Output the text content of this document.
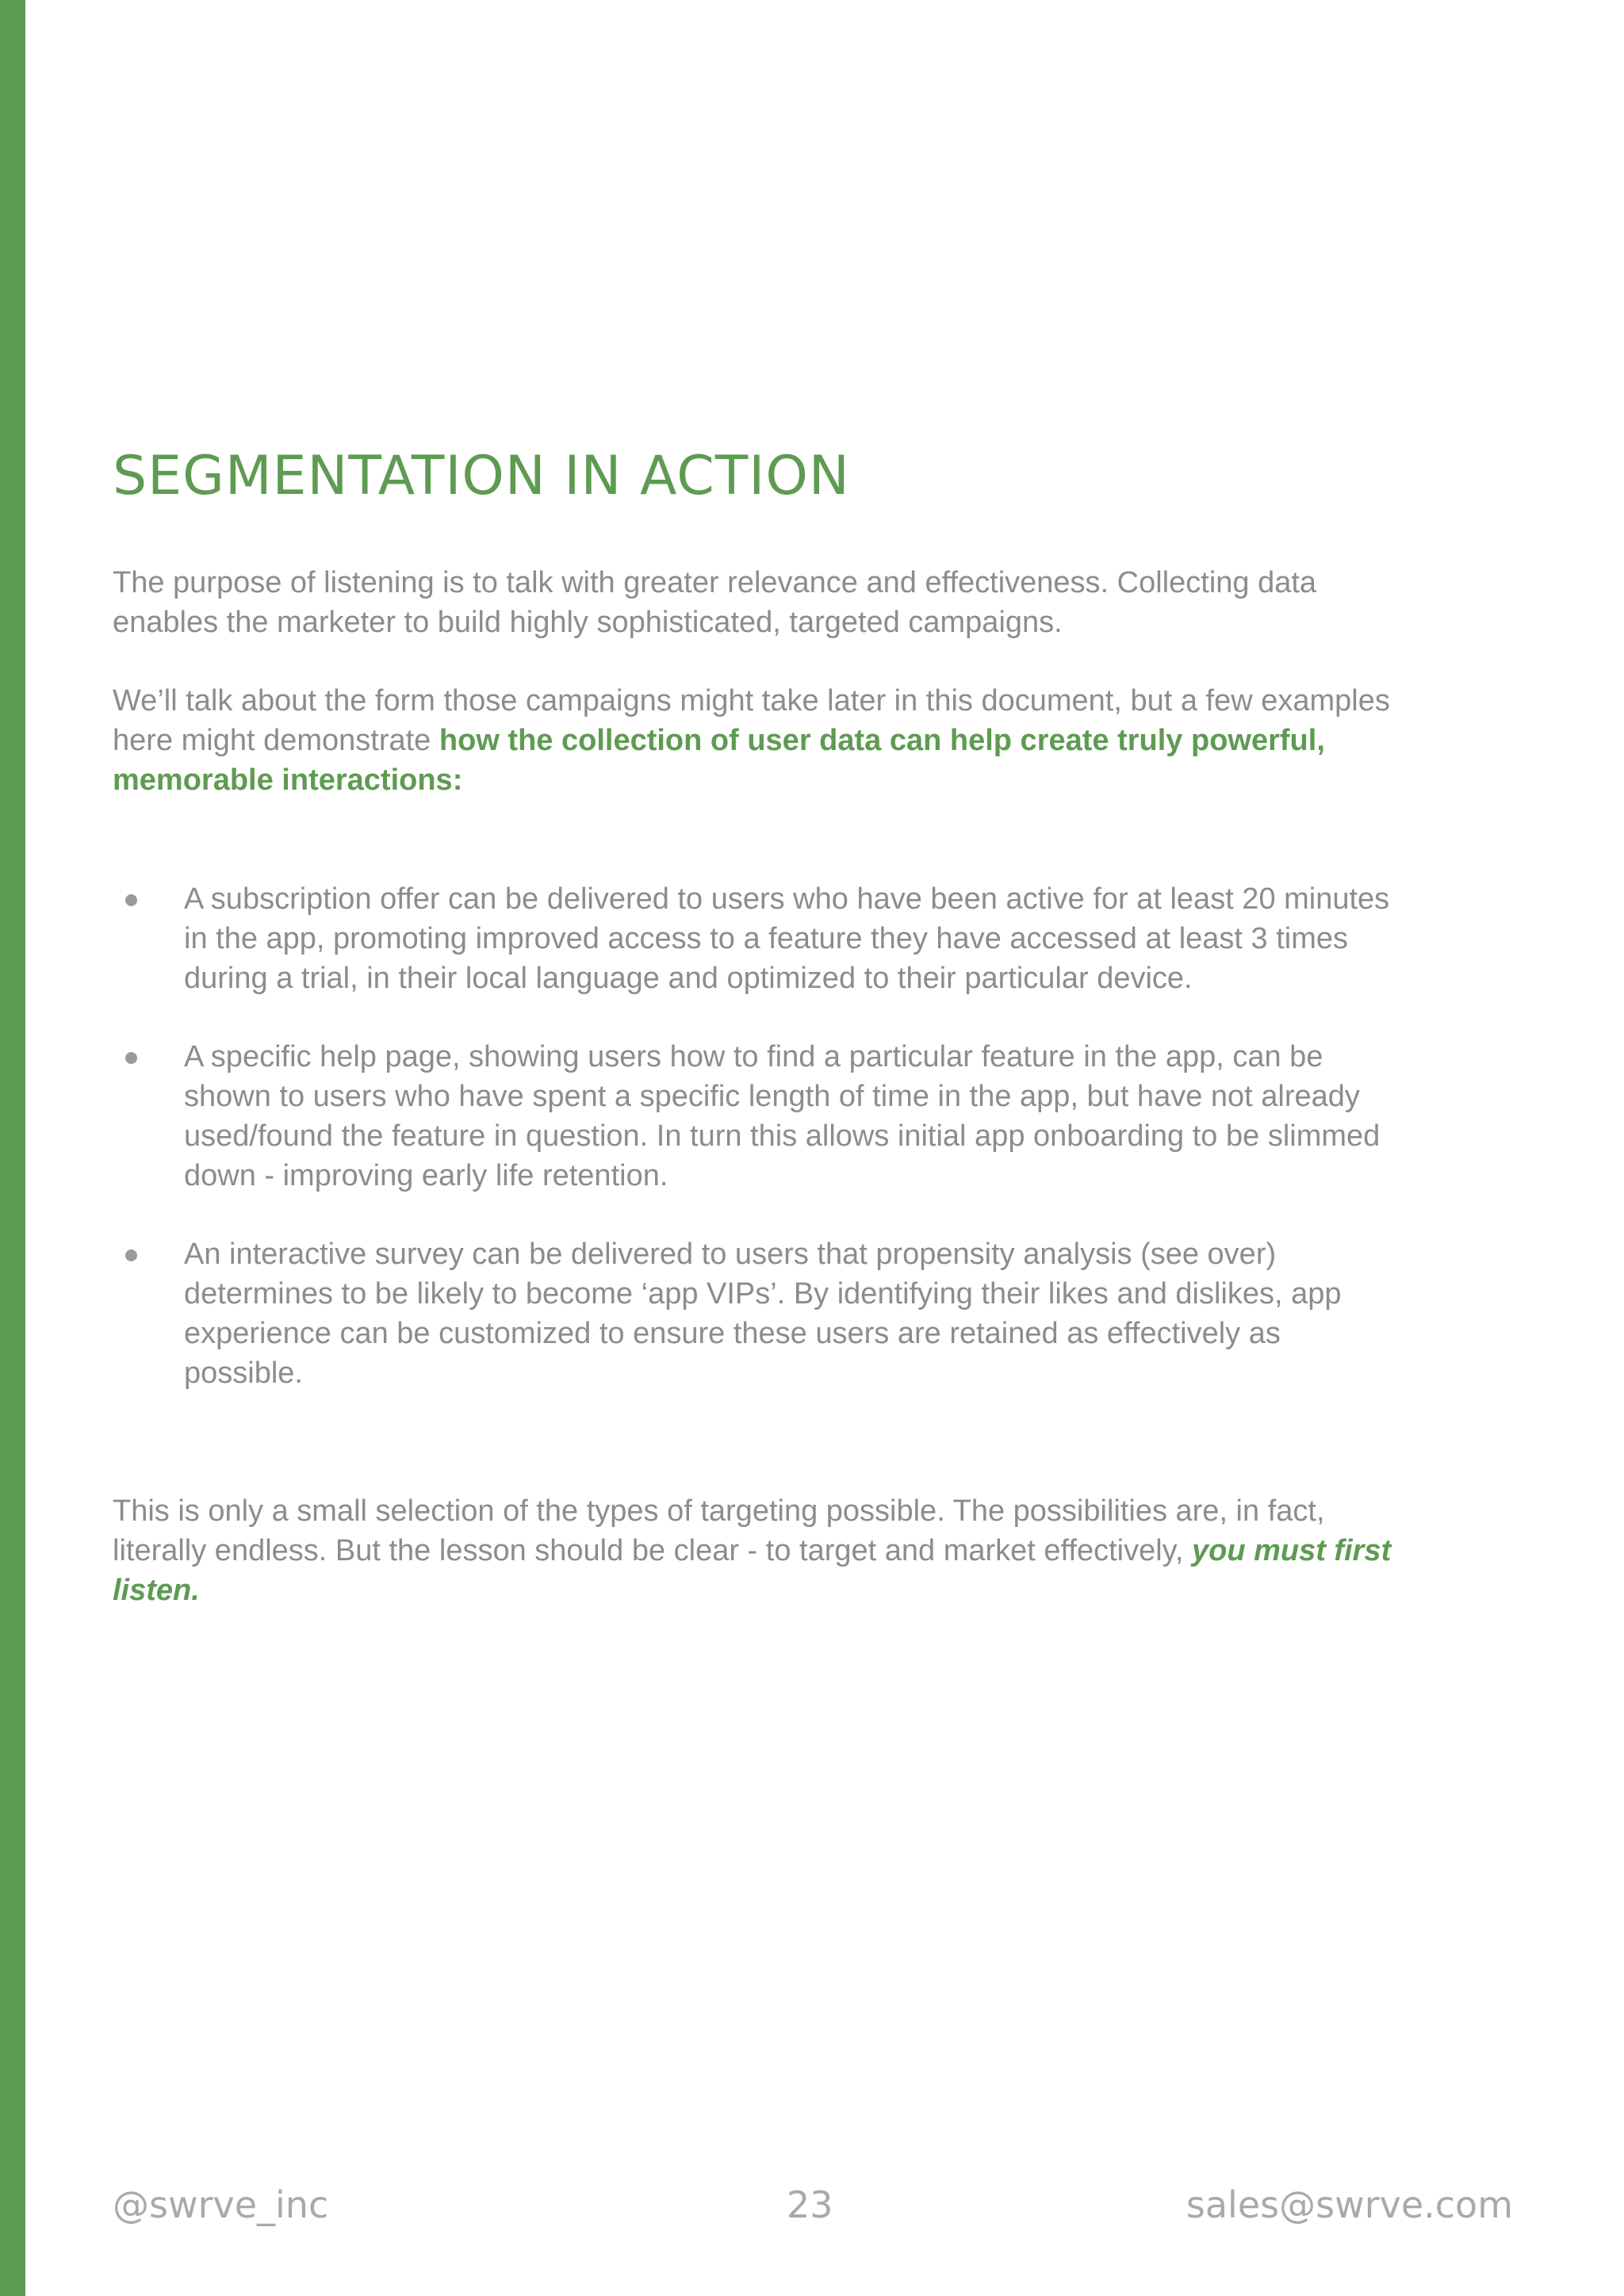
SEGMENTATION IN ACTION

The purpose of listening is to talk with greater relevance and effectiveness. Collecting data enables the marketer to build highly sophisticated, targeted campaigns.

We’ll talk about the form those campaigns might take later in this document, but a few examples here might demonstrate how the collection of user data can help create truly powerful, memorable interactions:

A subscription offer can be delivered to users who have been active for at least 20 minutes in the app, promoting improved access to a feature they have accessed at least 3 times during a trial, in their local language and optimized to their particular device.
A specific help page, showing users how to find a particular feature in the app, can be shown to users who have spent a specific length of time in the app, but have not already used/found the feature in question. In turn this allows initial app onboarding to be slimmed down - improving early life retention.
An interactive survey can be delivered to users that propensity analysis (see over) determines to be likely to become ‘app VIPs’. By identifying their likes and dislikes, app experience can be customized to ensure these users are retained as effectively as possible.

This is only a small selection of the types of targeting possible. The possibilities are, in fact, literally endless. But the lesson should be clear - to target and market effectively, you must first listen.

@swrve_inc	23	sales@swrve.com
